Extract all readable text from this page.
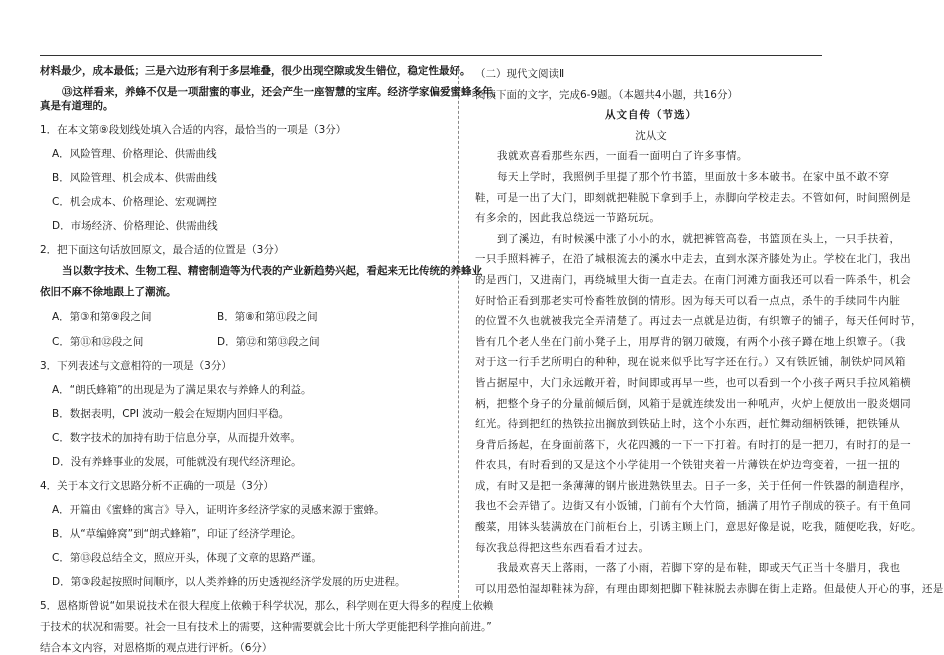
材料最少，成本最低；三是六边形有利于多层堆叠，很少出现空隙或发生错位，稳定性最好。

⑬这样看来，养蜂不仅是一项甜蜜的事业，还会产生一座智慧的宝库。经济学家偏爱蜜蜂多年，

真是有道理的。

1．在本文第⑨段划线处填入合适的内容，最恰当的一项是（3分）

A．风险管理、价格理论、供需曲线

B．风险管理、机会成本、供需曲线

C．机会成本、价格理论、宏观调控

D．市场经济、价格理论、供需曲线

2．把下面这句话放回原文，最合适的位置是（3分）

当以数字技术、生物工程、精密制造等为代表的产业新趋势兴起，看起来无比传统的养蜂业

依旧不麻不徐地跟上了潮流。

A．第③和第⑨段之间	B．第⑧和第⑪段之间
C．第⑪和⑫段之间	D．第⑫和第⑬段之间

3．下列表述与文意相符的一项是（3分）

A．“朗氏蜂箱”的出现是为了满足果农与养蜂人的利益。

B．数据表明，CPI 波动一般会在短期内回归平稳。

C．数字技术的加持有助于信息分享，从而提升效率。

D．没有养蜂事业的发展，可能就没有现代经济理论。

4．关于本文行文思路分析不正确的一项是（3分）

A．开篇由《蜜蜂的寓言》导入，证明许多经济学家的灵感来源于蜜蜂。

B．从“草编蜂窝”到“朗式蜂箱”，印证了经济学理论。

C．第⑬段总结全文，照应开头，体现了文章的思路严谨。

D．第③段起按照时间顺序，以人类养蜂的历史透视经济学发展的历史进程。

5．恩格斯曾说“如果说技术在很大程度上依赖于科学状况，那么，科学则在更大得多的程度上依赖

于技术的状况和需要。社会一旦有技术上的需要，这种需要就会比十所大学更能把科学推向前进。”

结合本文内容，对恩格斯的观点进行评析。（6分）

（二）现代文阅读Ⅱ

阅读下面的文字，完成6-9题。（本题共4小题，共16分）

从文自传（节选）

沈从文

我就欢喜看那些东西，一面看一面明白了许多事情。

每天上学时，我照例手里提了那个竹书篮，里面放十多本破书。在家中虽不敢不穿

鞋，可是一出了大门，即刻就把鞋脱下拿到手上，赤脚向学校走去。不管如何，时间照例是

有多余的，因此我总绕远一节路玩玩。

到了溪边，有时候溪中涨了小小的水，就把裤管高卷，书篮顶在头上，一只手扶着，

一只手照料裤子，在沿了城根流去的溪水中走去，直到水深齐膝处为止。学校在北门，我出

的是西门，又进南门，再绕城里大街一直走去。在南门河滩方面我还可以看一阵杀牛，机会

好时恰正看到那老实可怜畜牲放倒的情形。因为每天可以看一点点，杀牛的手续同牛内脏

的位置不久也就被我完全弄清楚了。再过去一点就是边街，有织簟子的铺子，每天任何时节，

皆有几个老人坐在门前小凳子上，用厚背的钢刀破篾，有两个小孩子蹲在地上织簟子。（我

对于这一行手艺所明白的种种，现在说来似乎比写字还在行。）又有铁匠铺，制铁炉同风箱

皆占据屋中，大门永远敞开着，时间即或再早一些，也可以看到一个小孩子两只手拉风箱横

柄，把整个身子的分量前倾后倒，风箱于是就连续发出一种吼声，火炉上便放出一股炎烟同

红光。待到把红的热铁拉出搁放到铁砧上时，这个小东西，赶忙舞动细柄铁锤，把铁锤从

身背后扬起，在身面前落下，火花四溅的一下一下打着。有时打的是一把刀，有时打的是一

件农具，有时看到的又是这个小学徒用一个铁钳夹着一片薄铁在炉边弯变着，一扭一扭的

成，有时又是把一条薄薄的钢片嵌进熟铁里去。日子一多，关于任何一件铁器的制造程序，

我也不会弄错了。边街又有小饭铺，门前有个大竹筒，插满了用竹子削成的筷子。有干鱼同

酸菜，用钵头装满放在门前柜台上，引诱主顾上门，意思好像是说，吃我，随便吃我，好吃。

每次我总得把这些东西看看才过去。

我最欢喜天上落雨，一落了小雨，若脚下穿的是布鞋，即或天气正当十冬腊月，我也

可以用恐怕湿却鞋袜为辞，有理由即刻把脚下鞋袜脱去赤脚在街上走路。但最使人开心的事，还是
